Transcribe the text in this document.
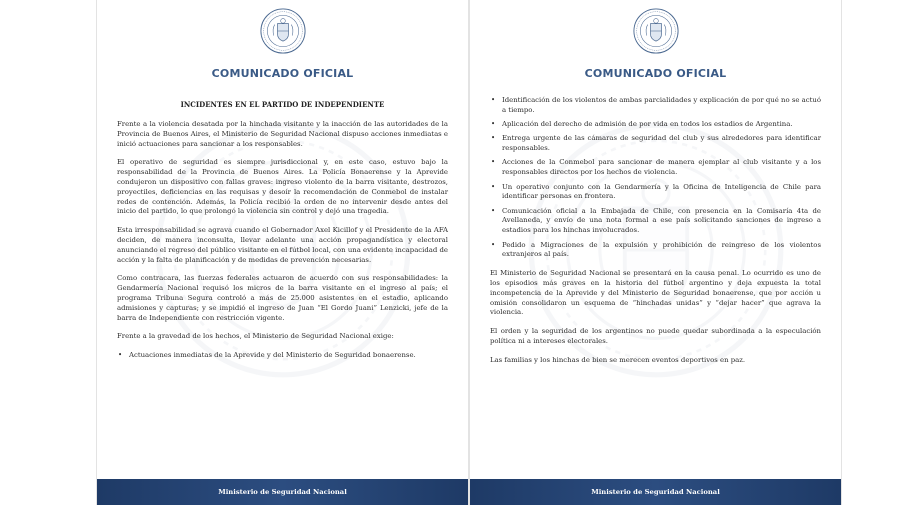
COMUNICADO OFICIAL
INCIDENTES EN EL PARTIDO DE INDEPENDIENTE

Frente a la violencia desatada por la hinchada visitante y la inacción de las autoridades de la Provincia de Buenos Aires, el Ministerio de Seguridad Nacional dispuso acciones inmediatas e inició actuaciones para sancionar a los responsables.

El operativo de seguridad es siempre jurisdiccional y, en este caso, estuvo bajo la responsabilidad de la Provincia de Buenos Aires. La Policía Bonaerense y la Aprevide condujeron un dispositivo con fallas graves: ingreso violento de la barra visitante, destrozos, proyectiles, deficiencias en las requisas y desoír la recomendación de Conmebol de instalar redes de contención. Además, la Policía recibió la orden de no intervenir desde antes del inicio del partido, lo que prolongó la violencia sin control y dejó una tragedia.

Esta irresponsabilidad se agrava cuando el Gobernador Axel Kicillof y el Presidente de la AFA deciden, de manera inconsulta, llevar adelante una acción propagandística y electoral anunciando el regreso del público visitante en el fútbol local, con una evidente incapacidad de acción y la falta de planificación y de medidas de prevención necesarias.

Como contracara, las fuerzas federales actuaron de acuerdo con sus responsabilidades: la Gendarmería Nacional requisó los micros de la barra visitante en el ingreso al país; el programa Tribuna Segura controló a más de 25.000 asistentes en el estadio, aplicando admisiones y capturas; y se impidió el ingreso de Juan “El Gordo Juani” Lenzicki, jefe de la barra de Independiente con restricción vigente.

Frente a la gravedad de los hechos, el Ministerio de Seguridad Nacional exige:

• Actuaciones inmediatas de la Aprevide y del Ministerio de Seguridad bonaerense.
Ministerio de Seguridad Nacional
COMUNICADO OFICIAL
• Identificación de los violentos de ambas parcialidades y explicación de por qué no se actuó a tiempo.
• Aplicación del derecho de admisión de por vida en todos los estadios de Argentina.
• Entrega urgente de las cámaras de seguridad del club y sus alrededores para identificar responsables.
• Acciones de la Conmebol para sancionar de manera ejemplar al club visitante y a los responsables directos por los hechos de violencia.
• Un operativo conjunto con la Gendarmería y la Oficina de Inteligencia de Chile para identificar personas en frontera.
• Comunicación oficial a la Embajada de Chile, con presencia en la Comisaría 4ta de Avellaneda, y envío de una nota formal a ese país solicitando sanciones de ingreso a estadios para los hinchas involucrados.
• Pedido a Migraciones de la expulsión y prohibición de reingreso de los violentos extranjeros al país.

El Ministerio de Seguridad Nacional se presentará en la causa penal. Lo ocurrido es uno de los episodios más graves en la historia del fútbol argentino y deja expuesta la total incompetencia de la Aprevide y del Ministerio de Seguridad bonaerense, que por acción u omisión consolidaron un esquema de “hinchadas unidas” y “dejar hacer” que agrava la violencia.

El orden y la seguridad de los argentinos no puede quedar subordinada a la especulación política ni a intereses electorales.

Las familias y los hinchas de bien se merecen eventos deportivos en paz.

Ministerio de Seguridad Nacional
